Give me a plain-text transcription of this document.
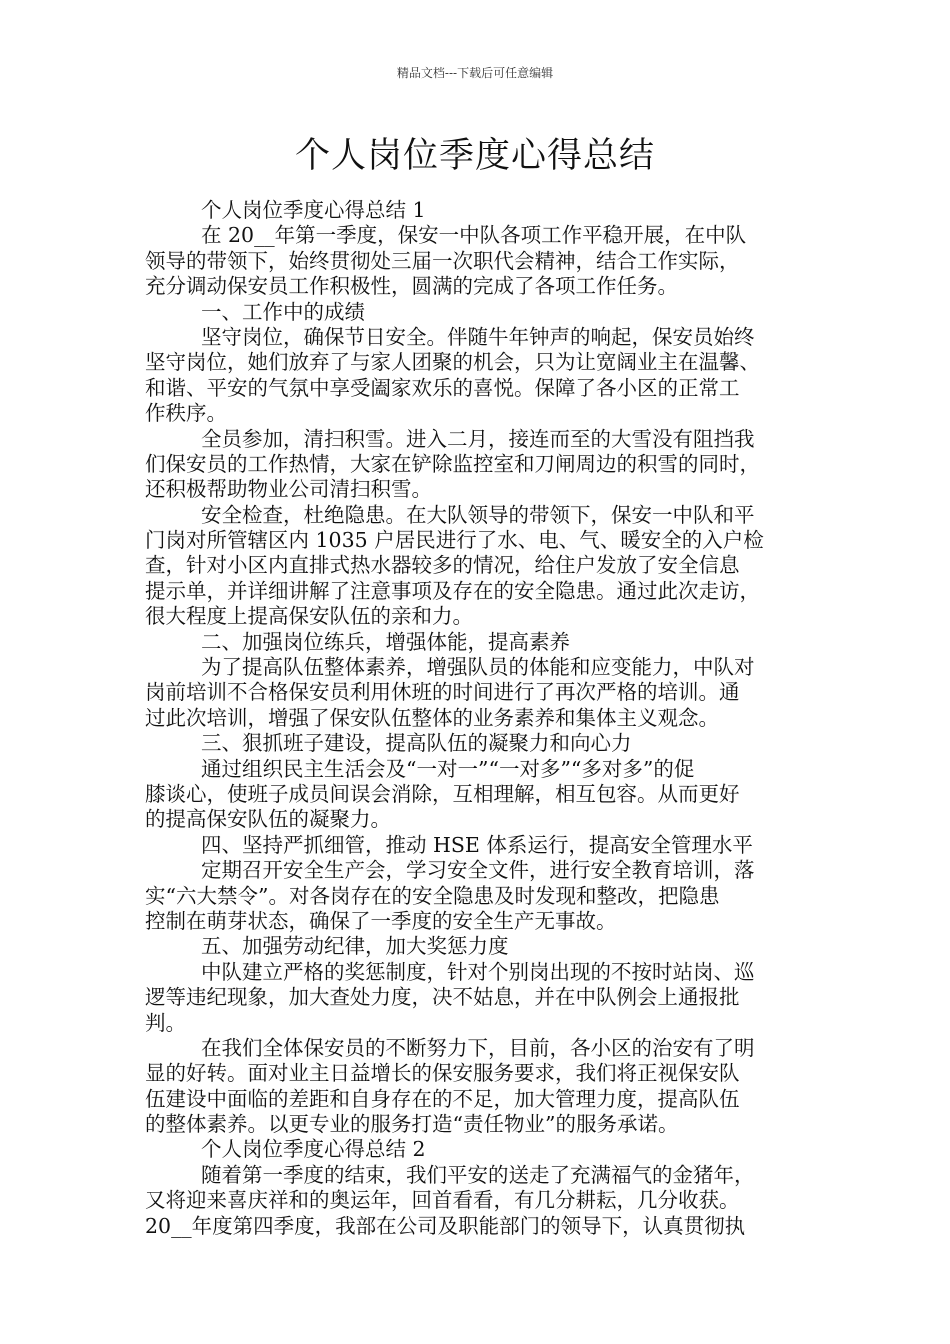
精品文档---下载后可任意编辑
个人岗位季度心得总结
个人岗位季度心得总结 1
在 20__年第一季度，保安一中队各项工作平稳开展，在中队
领导的带领下，始终贯彻处三届一次职代会精神，结合工作实际，
充分调动保安员工作积极性，圆满的完成了各项工作任务。
一、工作中的成绩
坚守岗位，确保节日安全。伴随牛年钟声的响起，保安员始终
坚守岗位，她们放弃了与家人团聚的机会，只为让宽阔业主在温馨、
和谐、平安的气氛中享受阖家欢乐的喜悦。保障了各小区的正常工
作秩序。
全员参加，清扫积雪。进入二月，接连而至的大雪没有阻挡我
们保安员的工作热情，大家在铲除监控室和刀闸周边的积雪的同时，
还积极帮助物业公司清扫积雪。
安全检查，杜绝隐患。在大队领导的带领下，保安一中队和平
门岗对所管辖区内 1035 户居民进行了水、电、气、暖安全的入户检
查，针对小区内直排式热水器较多的情况，给住户发放了安全信息
提示单，并详细讲解了注意事项及存在的安全隐患。通过此次走访，
很大程度上提高保安队伍的亲和力。
二、加强岗位练兵，增强体能，提高素养
为了提高队伍整体素养，增强队员的体能和应变能力，中队对
岗前培训不合格保安员利用休班的时间进行了再次严格的培训。通
过此次培训，增强了保安队伍整体的业务素养和集体主义观念。
三、狠抓班子建设，提高队伍的凝聚力和向心力
通过组织民主生活会及“一对一”“一对多”“多对多”的促
膝谈心，使班子成员间误会消除，互相理解，相互包容。从而更好
的提高保安队伍的凝聚力。
四、坚持严抓细管，推动 HSE 体系运行，提高安全管理水平
定期召开安全生产会，学习安全文件，进行安全教育培训，落
实“六大禁令”。对各岗存在的安全隐患及时发现和整改，把隐患
控制在萌芽状态，确保了一季度的安全生产无事故。
五、加强劳动纪律，加大奖惩力度
中队建立严格的奖惩制度，针对个别岗出现的不按时站岗、巡
逻等违纪现象，加大查处力度，决不姑息，并在中队例会上通报批
判。
在我们全体保安员的不断努力下，目前，各小区的治安有了明
显的好转。面对业主日益增长的保安服务要求，我们将正视保安队
伍建设中面临的差距和自身存在的不足，加大管理力度，提高队伍
的整体素养。以更专业的服务打造“责任物业”的服务承诺。
个人岗位季度心得总结 2
随着第一季度的结束，我们平安的送走了充满福气的金猪年，
又将迎来喜庆祥和的奥运年，回首看看，有几分耕耘，几分收获。
20__年度第四季度，我部在公司及职能部门的领导下，认真贯彻执
